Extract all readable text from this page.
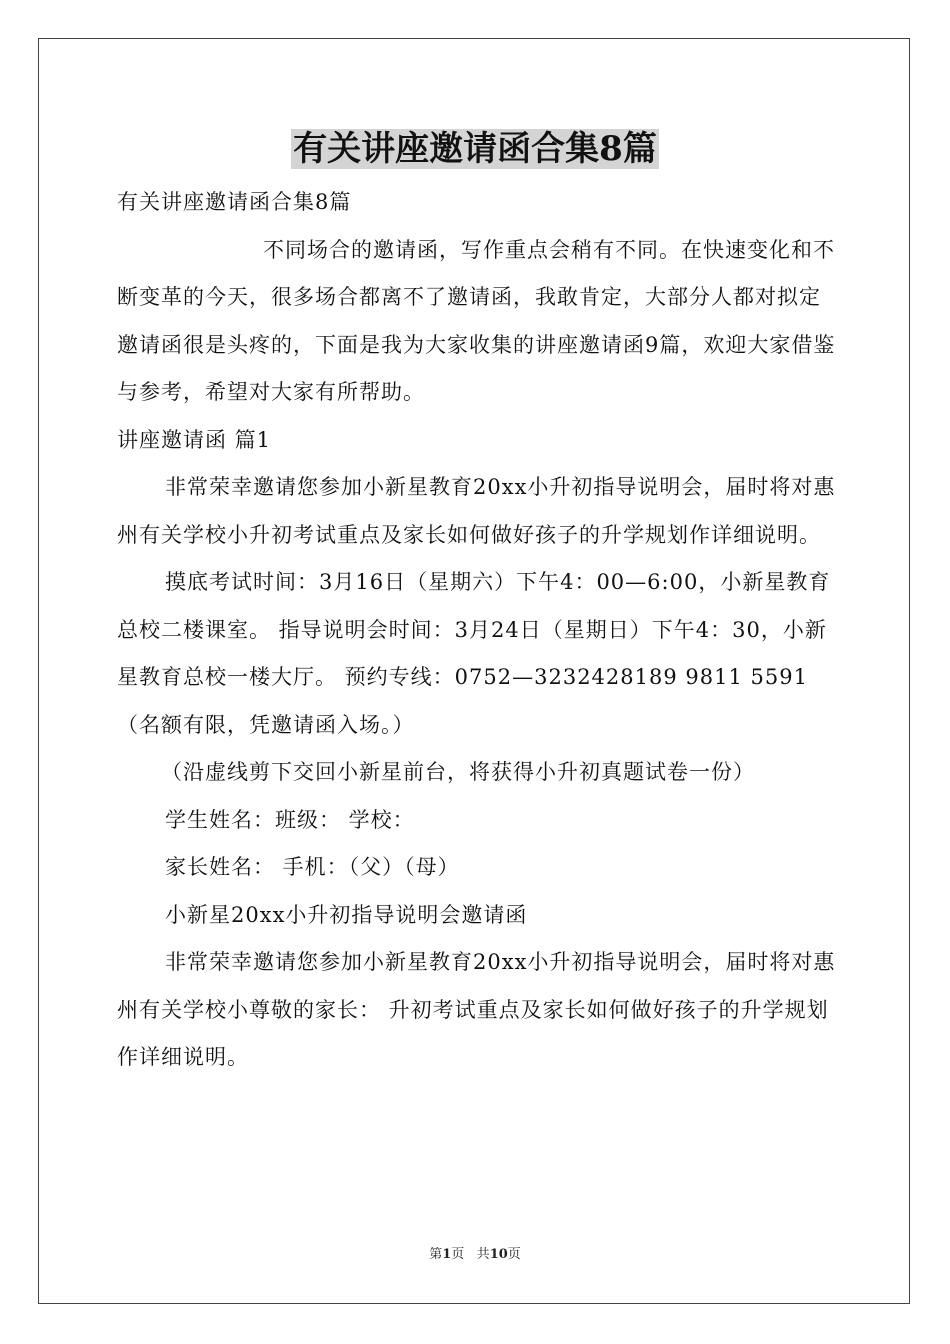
有关讲座邀请函合集8篇

有关讲座邀请函合集8篇

不同场合的邀请函，写作重点会稍有不同。在快速变化和不断变革的今天，很多场合都离不了邀请函，我敢肯定，大部分人都对拟定邀请函很是头疼的，下面是我为大家收集的讲座邀请函9篇，欢迎大家借鉴与参考，希望对大家有所帮助。

讲座邀请函 篇1

非常荣幸邀请您参加小新星教育20xx小升初指导说明会，届时将对惠州有关学校小升初考试重点及家长如何做好孩子的升学规划作详细说明。

摸底考试时间：3月16日（星期六）下午4：00—6:00，小新星教育总校二楼课室。 指导说明会时间：3月24日（星期日）下午4：30，小新星教育总校一楼大厅。 预约专线：0752—3232428189 9811 5591 （名额有限，凭邀请函入场。）

（沿虚线剪下交回小新星前台，将获得小升初真题试卷一份）

学生姓名：班级： 学校：

家长姓名： 手机：（父）（母）

小新星20xx小升初指导说明会邀请函

非常荣幸邀请您参加小新星教育20xx小升初指导说明会，届时将对惠州有关学校小尊敬的家长： 升初考试重点及家长如何做好孩子的升学规划作详细说明。

第1页 共10页
